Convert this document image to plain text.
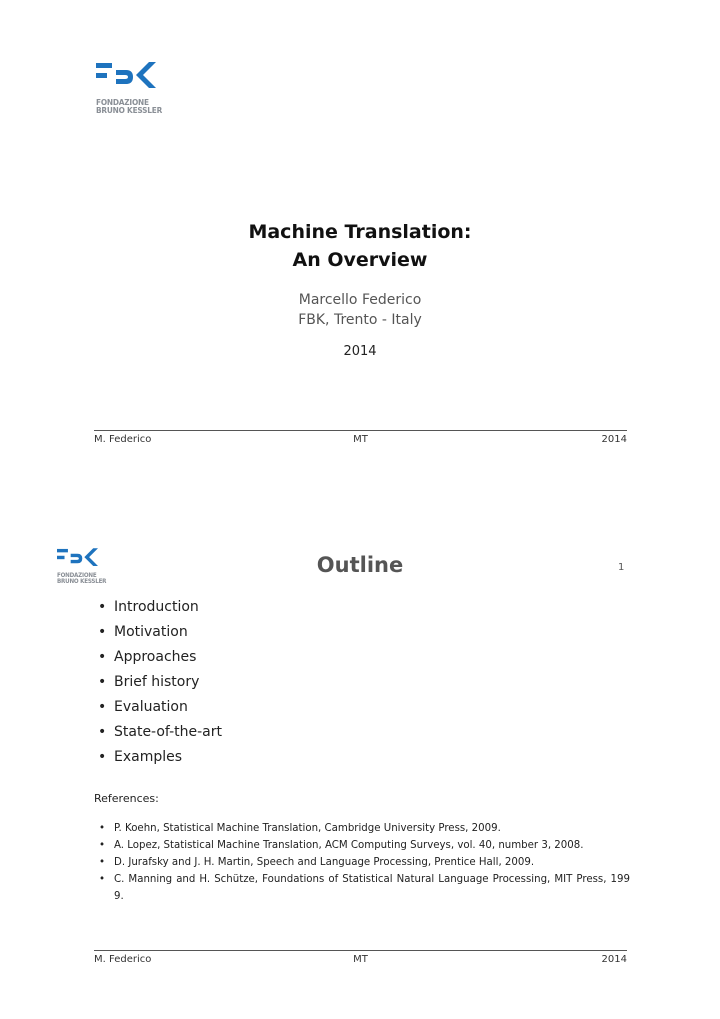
FONDAZIONE
BRUNO KESSLER
Machine Translation:
An Overview
Marcello Federico
FBK, Trento - Italy
2014
M. Federico	MT	2014
FONDAZIONE
BRUNO KESSLER
Outline	1
• Introduction
• Motivation
• Approaches
• Brief history
• Evaluation
• State-of-the-art
• Examples
References:
• P. Koehn, Statistical Machine Translation, Cambridge University Press, 2009.
• A. Lopez, Statistical Machine Translation, ACM Computing Surveys, vol. 40, number 3, 2008.
• D. Jurafsky and J. H. Martin, Speech and Language Processing, Prentice Hall, 2009.
• C. Manning and H. Schütze, Foundations of Statistical Natural Language Processing, MIT Press, 199 9.
M. Federico	MT	2014
